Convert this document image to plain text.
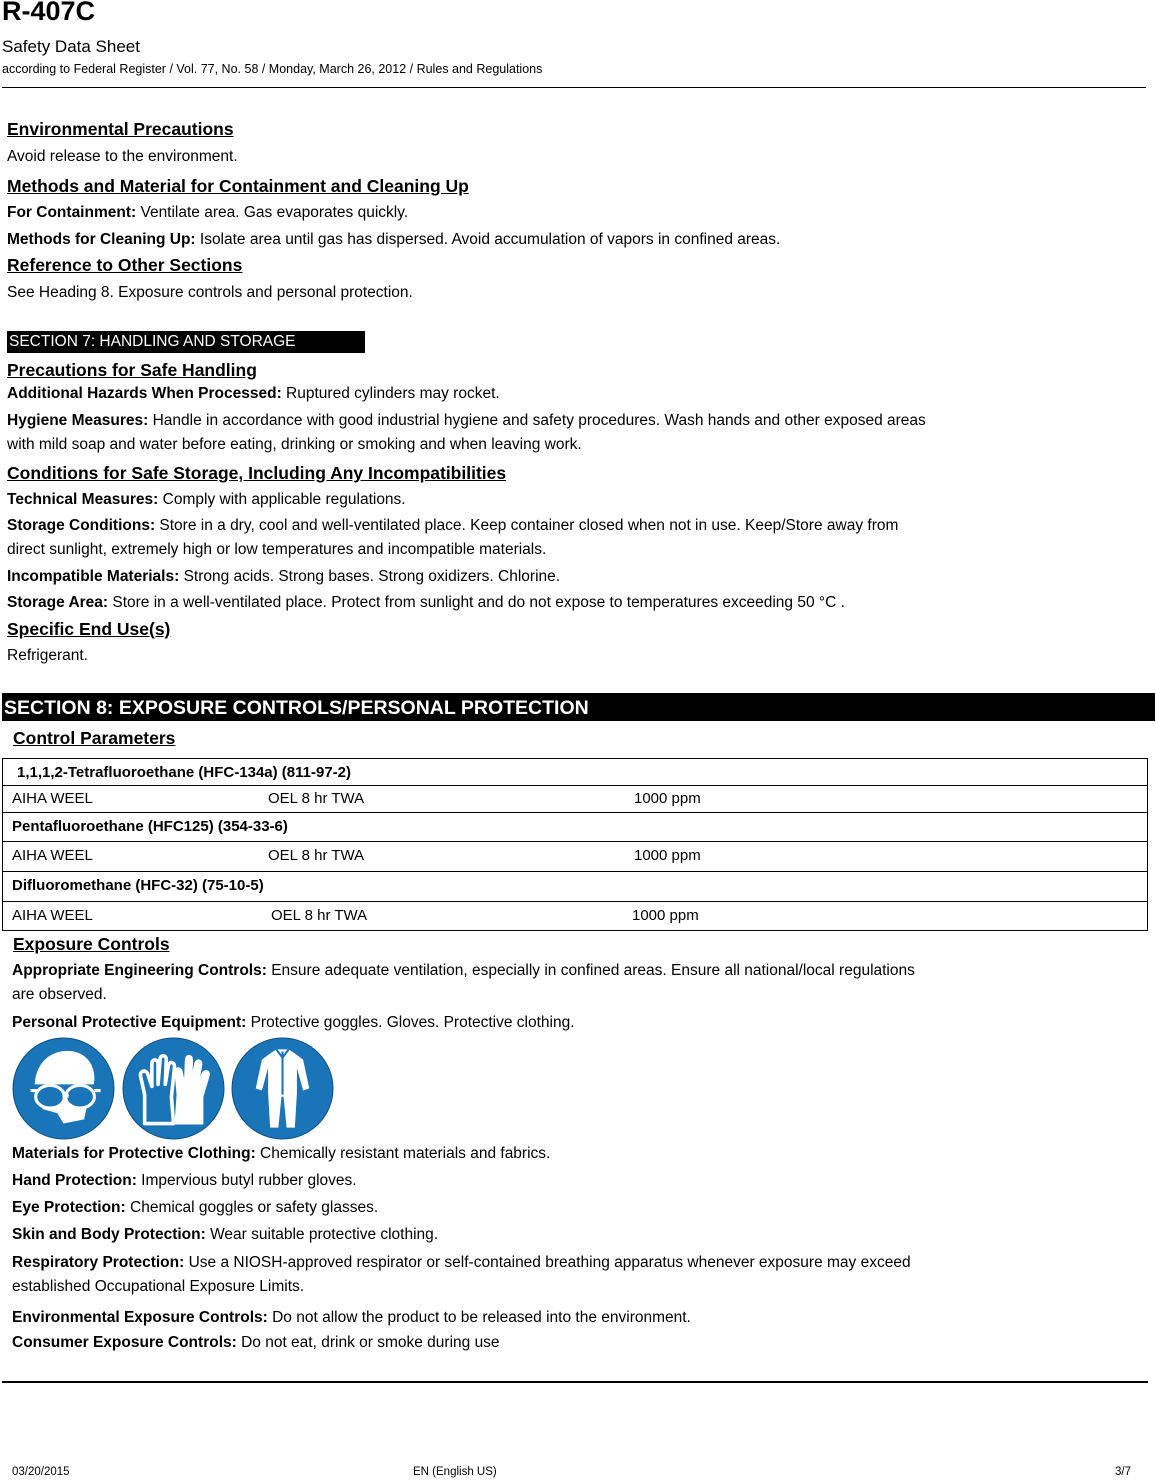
R-407C
Safety Data Sheet
according to Federal Register / Vol. 77, No. 58 / Monday, March 26, 2012 / Rules and Regulations
Environmental Precautions
Avoid release to the environment.
Methods and Material for Containment and Cleaning Up
For Containment: Ventilate area. Gas evaporates quickly.
Methods for Cleaning Up: Isolate area until gas has dispersed. Avoid accumulation of vapors in confined areas.
Reference to Other Sections
See Heading 8. Exposure controls and personal protection.
SECTION 7: HANDLING AND STORAGE
Precautions for Safe Handling
Additional Hazards When Processed: Ruptured cylinders may rocket.
Hygiene Measures: Handle in accordance with good industrial hygiene and safety procedures. Wash hands and other exposed areas
with mild soap and water before eating, drinking or smoking and when leaving work.
Conditions for Safe Storage, Including Any Incompatibilities
Technical Measures: Comply with applicable regulations.
Storage Conditions: Store in a dry, cool and well-ventilated place. Keep container closed when not in use. Keep/Store away from
direct sunlight, extremely high or low temperatures and incompatible materials.
Incompatible Materials: Strong acids. Strong bases. Strong oxidizers. Chlorine.
Storage Area: Store in a well-ventilated place. Protect from sunlight and do not expose to temperatures exceeding 50 °C .
Specific End Use(s)
Refrigerant.
SECTION 8: EXPOSURE CONTROLS/PERSONAL PROTECTION
Control Parameters
1,1,1,2-Tetrafluoroethane (HFC-134a) (811-97-2)
AIHA WEEL	OEL 8 hr TWA	1000 ppm
Pentafluoroethane (HFC125) (354-33-6)
AIHA WEEL	OEL 8 hr TWA	1000 ppm
Difluoromethane (HFC-32) (75-10-5)
AIHA WEEL	OEL 8 hr TWA	1000 ppm
Exposure Controls
Appropriate Engineering Controls: Ensure adequate ventilation, especially in confined areas. Ensure all national/local regulations
are observed.
Personal Protective Equipment: Protective goggles. Gloves. Protective clothing.
Materials for Protective Clothing: Chemically resistant materials and fabrics.
Hand Protection: Impervious butyl rubber gloves.
Eye Protection: Chemical goggles or safety glasses.
Skin and Body Protection: Wear suitable protective clothing.
Respiratory Protection: Use a NIOSH-approved respirator or self-contained breathing apparatus whenever exposure may exceed
established Occupational Exposure Limits.
Environmental Exposure Controls: Do not allow the product to be released into the environment.
Consumer Exposure Controls: Do not eat, drink or smoke during use
03/20/2015	EN (English US)	3/7
